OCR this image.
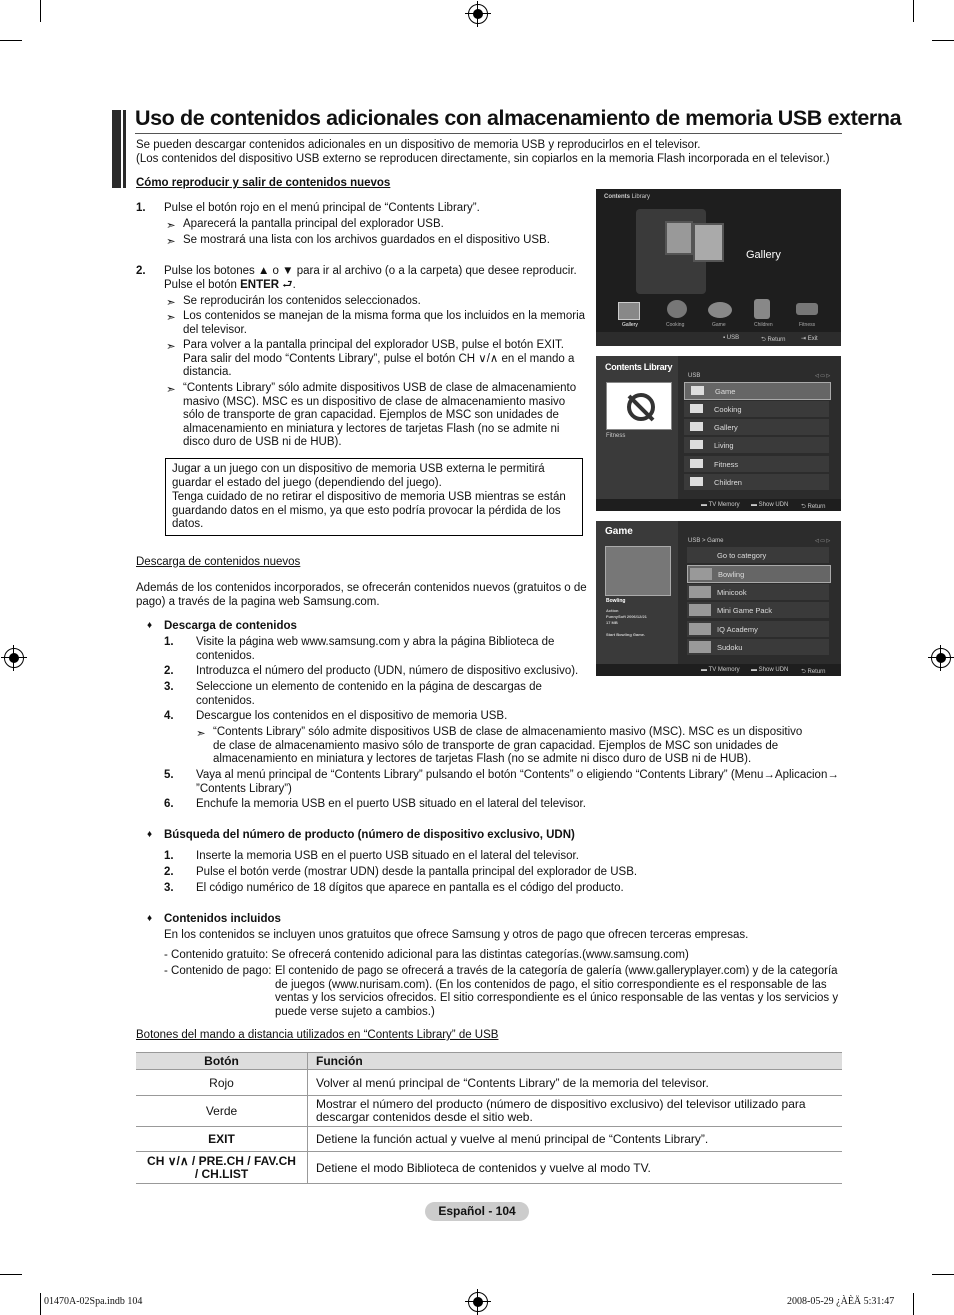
Uso de contenidos adicionales con almacenamiento de memoria USB externa
Se pueden descargar contenidos adicionales en un dispositivo de memoria USB y reproducirlos en el televisor.
(Los contenidos del dispositivo USB externo se reproducen directamente, sin copiarlos en la memoria Flash incorporada en el televisor.)
Cómo reproducir y salir de contenidos nuevos
1. Pulse el botón rojo en el menú principal de “Contents Library”.
➣ Aparecerá la pantalla principal del explorador USB.
➣ Se mostrará una lista con los archivos guardados en el dispositivo USB.
2. Pulse los botones ▲ o ▼ para ir al archivo (o a la carpeta) que desee reproducir.
Pulse el botón ENTER ⮐.
➣ Se reproducirán los contenidos seleccionados.
➣ Los contenidos se manejan de la misma forma que los incluidos en la memoria del televisor.
➣ Para volver a la pantalla principal del explorador USB, pulse el botón EXIT. Para salir del modo “Contents Library”, pulse el botón CH ∨/∧ en el mando a distancia.
➣ “Contents Library” sólo admite dispositivos USB de clase de almacenamiento masivo (MSC). MSC es un dispositivo de clase de almacenamiento masivo sólo de transporte de gran capacidad. Ejemplos de MSC son unidades de almacenamiento en miniatura y lectores de tarjetas Flash (no se admite ni disco duro de USB ni de HUB).
Jugar a un juego con un dispositivo de memoria USB externa le permitirá guardar el estado del juego (dependiendo del juego).
Tenga cuidado de no retirar el dispositivo de memoria USB mientras se están guardando datos en el mismo, ya que esto podría provocar la pérdida de los datos.
Contents Library
Gallery
Gallery	Cooking	Game	Children	Fitness
▪ USB	⮌ Return	⇥ Exit
Contents Library
Fitness
USB	◁ ▭ ▷
Game
Cooking
Gallery
Living
Fitness
Children
▬ TV Memory ▬ Show UDN ⮌ Return
Game
Bowling
Action
FunnySoft 2006/12/21
17 MB
Start Bowling Game.
USB > Game	◁ ▭ ▷
Go to category
Bowling
Minicook
Mini Game Pack
IQ Academy
Sudoku
▬ TV Memory ▬ Show UDN ⮌ Return
Descarga de contenidos nuevos
Además de los contenidos incorporados, se ofrecerán contenidos nuevos (gratuitos o de pago) a través de la pagina web Samsung.com.
♦ Descarga de contenidos
1. Visite la página web www.samsung.com y abra la página Biblioteca de contenidos.
2. Introduzca el número del producto (UDN, número de dispositivo exclusivo).
3. Seleccione un elemento de contenido en la página de descargas de contenidos.
4. Descargue los contenidos en el dispositivo de memoria USB.
➣ “Contents Library” sólo admite dispositivos USB de clase de almacenamiento masivo (MSC). MSC es un dispositivo de clase de almacenamiento masivo sólo de transporte de gran capacidad. Ejemplos de MSC son unidades de almacenamiento en miniatura y lectores de tarjetas Flash (no se admite ni disco duro de USB ni de HUB).
5. Vaya al menú principal de “Contents Library” pulsando el botón “Contents” o eligiendo “Contents Library” (Menu→Aplicacion→ ”Contents Library”)
6. Enchufe la memoria USB en el puerto USB situado en el lateral del televisor.
♦ Búsqueda del número de producto (número de dispositivo exclusivo, UDN)
1. Inserte la memoria USB en el puerto USB situado en el lateral del televisor.
2. Pulse el botón verde (mostrar UDN) desde la pantalla principal del explorador de USB.
3. El código numérico de 18 dígitos que aparece en pantalla es el código del producto.
♦ Contenidos incluidos
En los contenidos se incluyen unos gratuitos que ofrece Samsung y otros de pago que ofrecen terceras empresas.
- Contenido gratuito: Se ofrecerá contenido adicional para las distintas categorías.(www.samsung.com)
- Contenido de pago: El contenido de pago se ofrecerá a través de la categoría de galería (www.galleryplayer.com) y de la categoría de juegos (www.nurisam.com). (En los contenidos de pago, el sitio correspondiente es el responsable de las ventas y los servicios ofrecidos. El sitio correspondiente es el único responsable de las ventas y los servicios y puede verse sujeto a cambios.)
Botones del mando a distancia utilizados en “Contents Library” de USB
Botón	Función
Rojo	Volver al menú principal de “Contents Library” de la memoria del televisor.
Verde	Mostrar el número del producto (número de dispositivo exclusivo) del televisor utilizado para descargar contenidos desde el sitio web.
EXIT	Detiene la función actual y vuelve al menú principal de “Contents Library”.
CH ∨/∧ / PRE.CH / FAV.CH / CH.LIST	Detiene el modo Biblioteca de contenidos y vuelve al modo TV.
Español - 104
01470A-02Spa.indb 104	2008-05-29 ¿ÀÈÄ 5:31:47
